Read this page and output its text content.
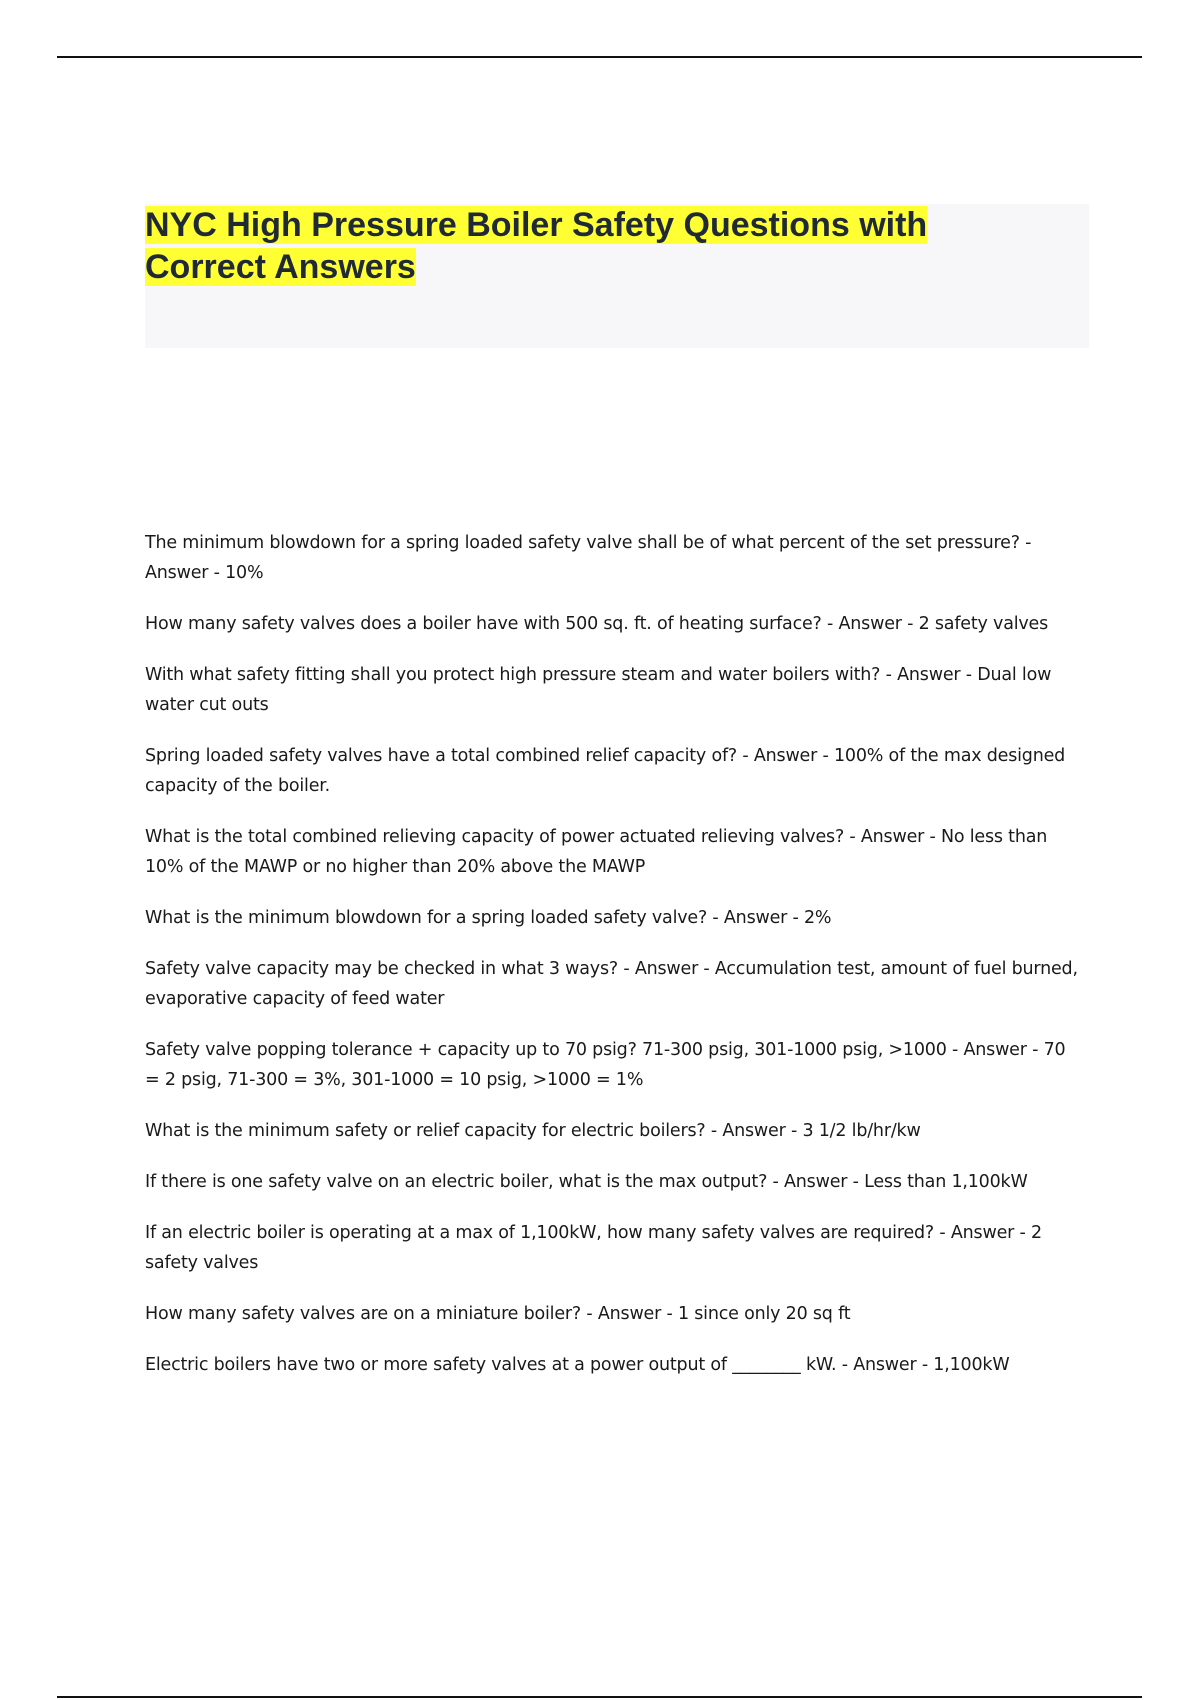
NYC High Pressure Boiler Safety Questions with Correct Answers
The minimum blowdown for a spring loaded safety valve shall be of what percent of the set pressure? - Answer - 10%
How many safety valves does a boiler have with 500 sq. ft. of heating surface? - Answer - 2 safety valves
With what safety fitting shall you protect high pressure steam and water boilers with? - Answer - Dual low water cut outs
Spring loaded safety valves have a total combined relief capacity of? - Answer - 100% of the max designed capacity of the boiler.
What is the total combined relieving capacity of power actuated relieving valves? - Answer - No less than 10% of the MAWP or no higher than 20% above the MAWP
What is the minimum blowdown for a spring loaded safety valve? - Answer - 2%
Safety valve capacity may be checked in what 3 ways? - Answer - Accumulation test, amount of fuel burned, evaporative capacity of feed water
Safety valve popping tolerance + capacity up to 70 psig? 71-300 psig, 301-1000 psig, >1000 - Answer - 70 = 2 psig, 71-300 = 3%, 301-1000 = 10 psig, >1000 = 1%
What is the minimum safety or relief capacity for electric boilers? - Answer - 3 1/2 lb/hr/kw
If there is one safety valve on an electric boiler, what is the max output? - Answer - Less than 1,100kW
If an electric boiler is operating at a max of 1,100kW, how many safety valves are required? - Answer - 2 safety valves
How many safety valves are on a miniature boiler? - Answer - 1 since only 20 sq ft
Electric boilers have two or more safety valves at a power output of ________ kW. - Answer - 1,100kW
